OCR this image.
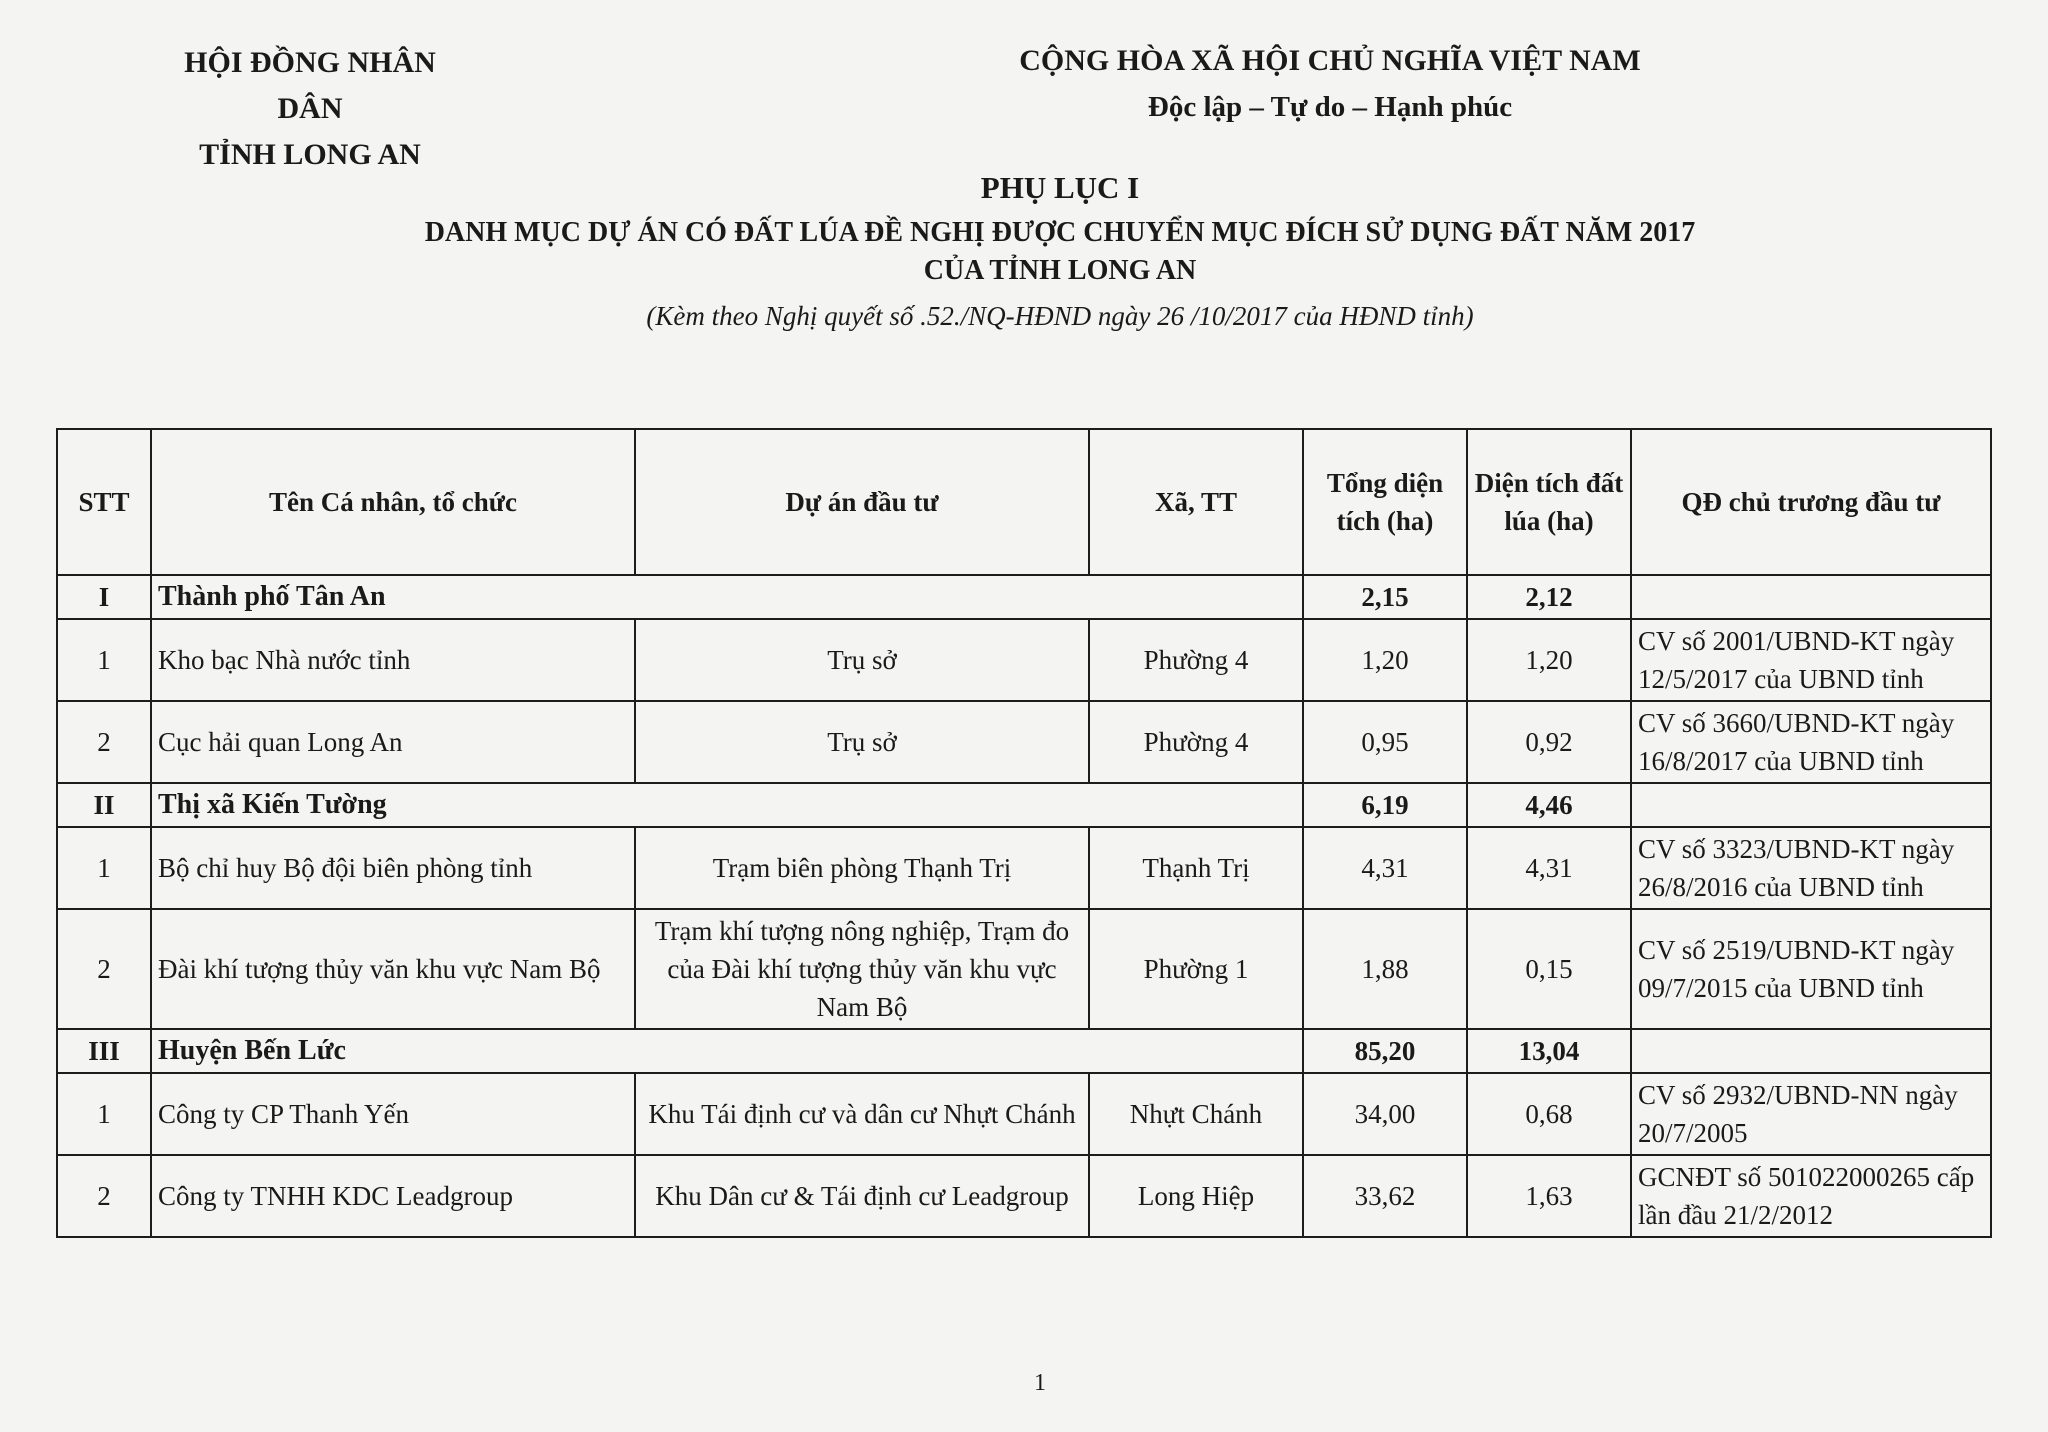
HỘI ĐỒNG NHÂN DÂN
TỈNH LONG AN
CỘNG HÒA XÃ HỘI CHỦ NGHĨA VIỆT NAM
Độc lập – Tự do – Hạnh phúc
PHỤ LỤC I
DANH MỤC DỰ ÁN CÓ ĐẤT LÚA ĐỀ NGHỊ ĐƯỢC CHUYỂN MỤC ĐÍCH SỬ DỤNG ĐẤT NĂM 2017
CỦA TỈNH LONG AN
(Kèm theo Nghị quyết số .52./NQ-HĐND ngày 26 /10/2017 của HĐND tỉnh)
STT	Tên Cá nhân, tổ chức	Dự án đầu tư	Xã, TT	Tổng diện tích (ha)	Diện tích đất lúa (ha)	QĐ chủ trương đầu tư
I	Thành phố Tân An			2,15	2,12	
1	Kho bạc Nhà nước tỉnh	Trụ sở	Phường 4	1,20	1,20	CV số 2001/UBND-KT ngày 12/5/2017 của UBND tỉnh
2	Cục hải quan Long An	Trụ sở	Phường 4	0,95	0,92	CV số 3660/UBND-KT ngày 16/8/2017 của UBND tỉnh
II	Thị xã Kiến Tường			6,19	4,46	
1	Bộ chỉ huy Bộ đội biên phòng tỉnh	Trạm biên phòng Thạnh Trị	Thạnh Trị	4,31	4,31	CV số 3323/UBND-KT ngày 26/8/2016 của UBND tỉnh
2	Đài khí tượng thủy văn khu vực Nam Bộ	Trạm khí tượng nông nghiệp, Trạm đo của Đài khí tượng thủy văn khu vực Nam Bộ	Phường 1	1,88	0,15	CV số 2519/UBND-KT ngày 09/7/2015 của UBND tỉnh
III	Huyện Bến Lức			85,20	13,04	
1	Công ty CP Thanh Yến	Khu Tái định cư và dân cư Nhựt Chánh	Nhựt Chánh	34,00	0,68	CV số 2932/UBND-NN ngày 20/7/2005
2	Công ty TNHH KDC Leadgroup	Khu Dân cư & Tái định cư Leadgroup	Long Hiệp	33,62	1,63	GCNĐT số 501022000265 cấp lần đầu 21/2/2012
1
